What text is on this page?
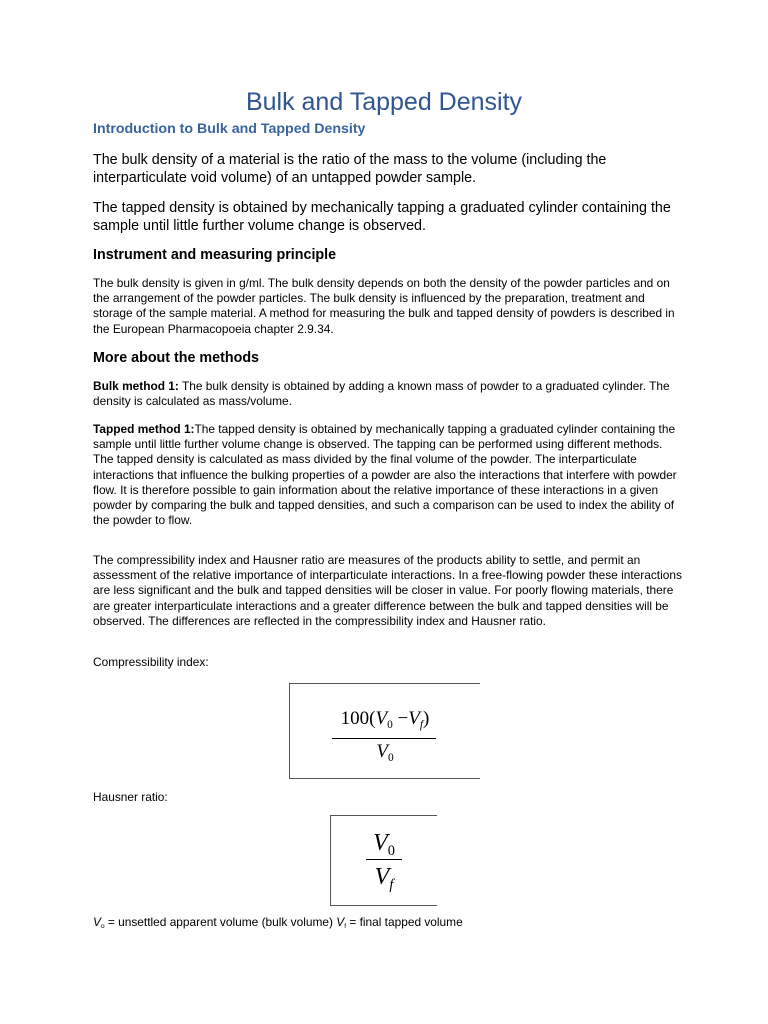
Bulk and Tapped Density
Introduction to Bulk and Tapped Density

The bulk density of a material is the ratio of the mass to the volume (including the interparticulate void volume) of an untapped powder sample.

The tapped density is obtained by mechanically tapping a graduated cylinder containing the sample until little further volume change is observed.

Instrument and measuring principle

The bulk density is given in g/ml. The bulk density depends on both the density of the powder particles and on the arrangement of the powder particles. The bulk density is influenced by the preparation, treatment and storage of the sample material. A method for measuring the bulk and tapped density of powders is described in the European Pharmacopoeia chapter 2.9.34.

More about the methods

Bulk method 1: The bulk density is obtained by adding a known mass of powder to a graduated cylinder. The density is calculated as mass/volume.

Tapped method 1:The tapped density is obtained by mechanically tapping a graduated cylinder containing the sample until little further volume change is observed. The tapping can be performed using different methods. The tapped density is calculated as mass divided by the final volume of the powder. The interparticulate interactions that influence the bulking properties of a powder are also the interactions that interfere with powder flow. It is therefore possible to gain information about the relative importance of these interactions in a given powder by comparing the bulk and tapped densities, and such a comparison can be used to index the ability of the powder to flow.

The compressibility index and Hausner ratio are measures of the products ability to settle, and permit an assessment of the relative importance of interparticulate interactions. In a free-flowing powder these interactions are less significant and the bulk and tapped densities will be closer in value. For poorly flowing materials, there are greater interparticulate interactions and a greater difference between the bulk and tapped densities will be observed. The differences are reflected in the compressibility index and Hausner ratio.

Compressibility index:
$100(V_0 -V_f)$
$V_0$
Hausner ratio:
$V_0$
$V_f$
$V_o$ = unsettled apparent volume (bulk volume) $V_f$ = final tapped volume
